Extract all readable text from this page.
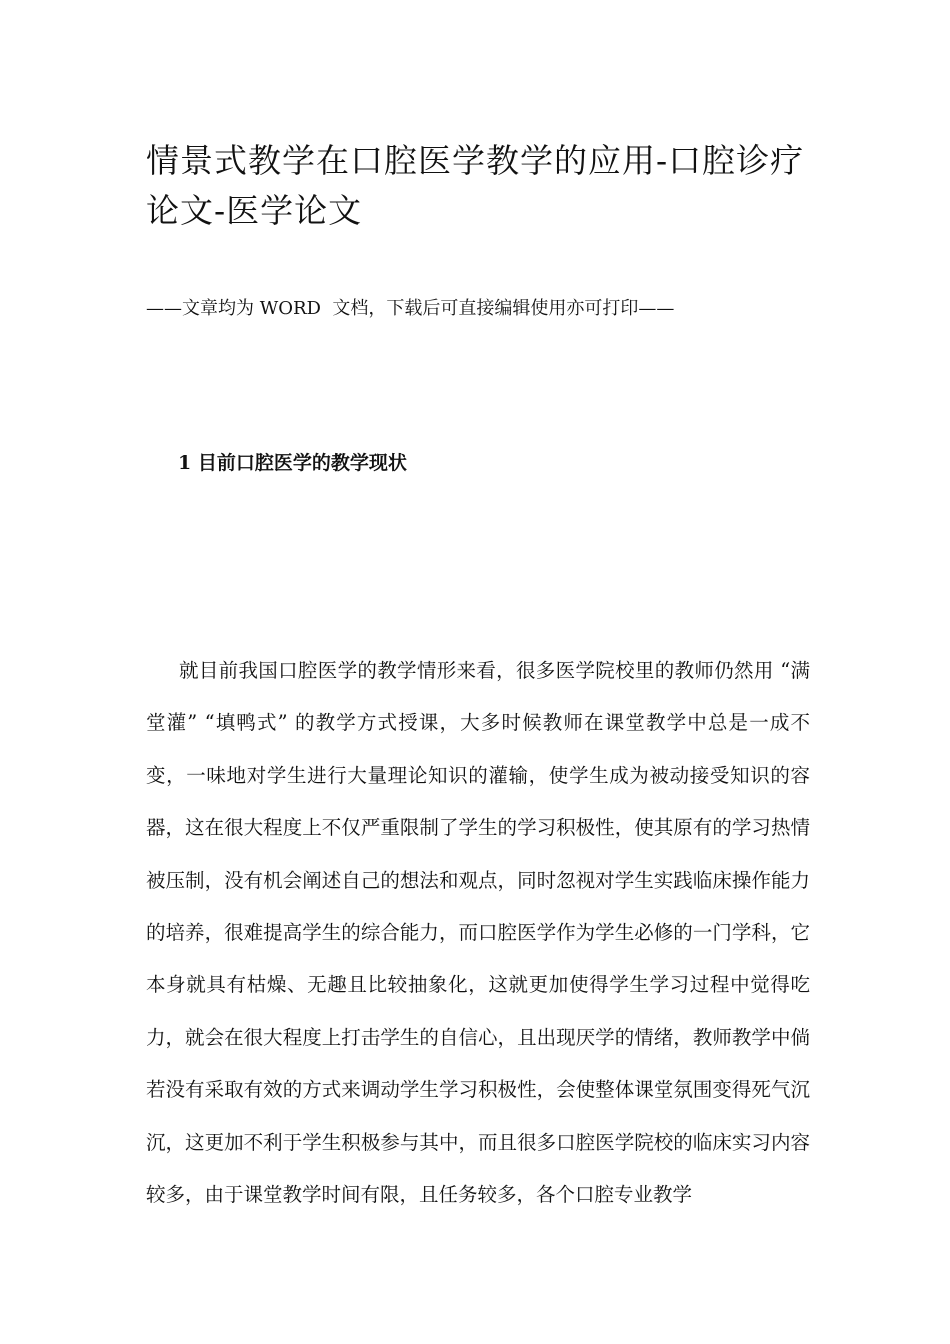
情景式教学在口腔医学教学的应用-口腔诊疗论文-医学论文

——文章均为 WORD  文档，下载后可直接编辑使用亦可打印——

1 目前口腔医学的教学现状

就目前我国口腔医学的教学情形来看，很多医学院校里的教师仍然用 “满堂灌” “填鸭式” 的教学方式授课，大多时候教师在课堂教学中总是一成不变，一味地对学生进行大量理论知识的灌输，使学生成为被动接受知识的容器，这在很大程度上不仅严重限制了学生的学习积极性，使其原有的学习热情被压制，没有机会阐述自己的想法和观点，同时忽视对学生实践临床操作能力的培养，很难提高学生的综合能力，而口腔医学作为学生必修的一门学科，它本身就具有枯燥、无趣且比较抽象化，这就更加使得学生学习过程中觉得吃力，就会在很大程度上打击学生的自信心，且出现厌学的情绪，教师教学中倘若没有采取有效的方式来调动学生学习积极性，会使整体课堂氛围变得死气沉沉，这更加不利于学生积极参与其中，而且很多口腔医学院校的临床实习内容较多，由于课堂教学时间有限，且任务较多，各个口腔专业教学
